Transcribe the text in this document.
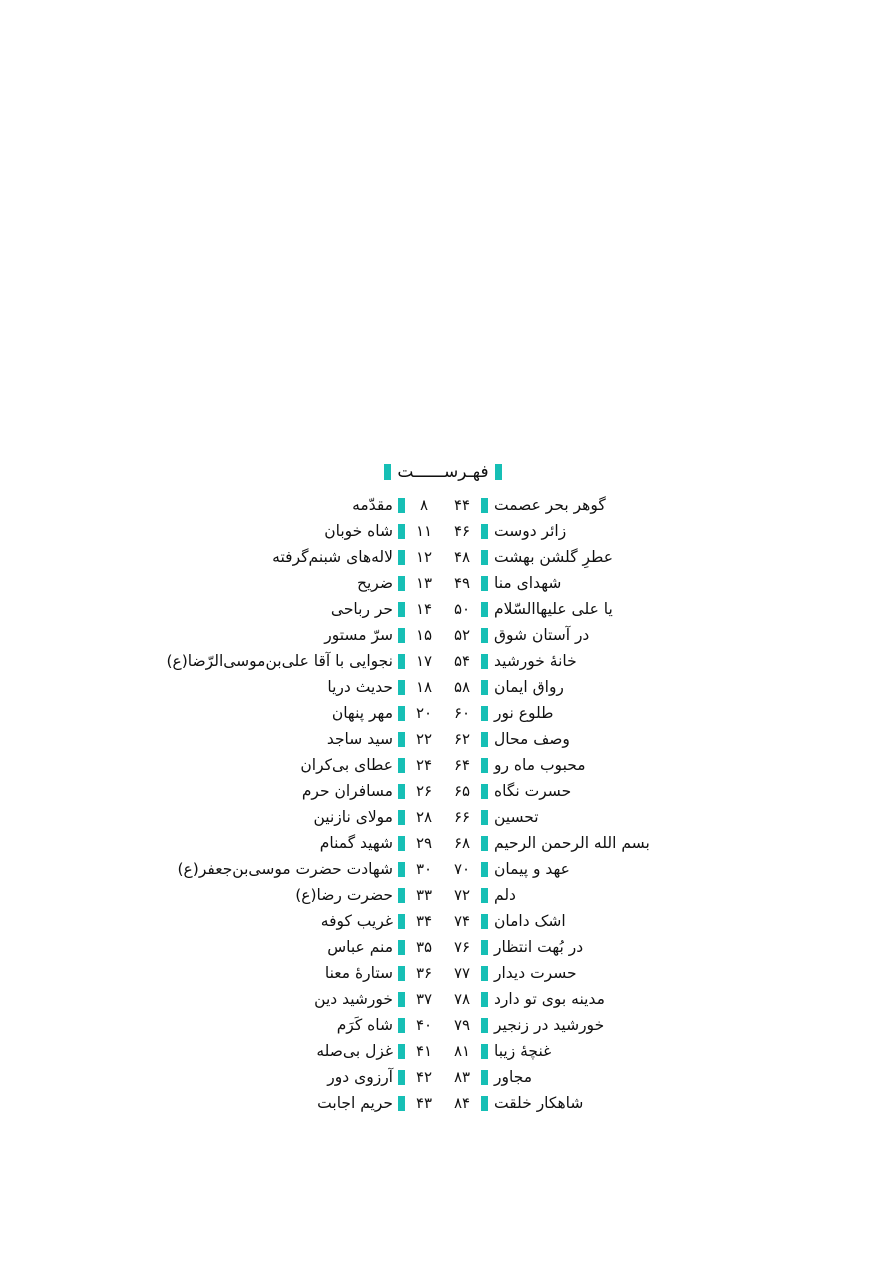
فهـرســــــت
گوهر بحر عصمت
۴۴
زائر دوست
۴۶
عطرِ گلشن بهشت
۴۸
شهدای منا
۴۹
یا علی علیهاالسّلام
۵۰
در آستان شوق
۵۲
خانهٔ خورشید
۵۴
رواق ایمان
۵۸
طلوع نور
۶۰
وصف محال
۶۲
محبوب ماه رو
۶۴
حسرت نگاه
۶۵
تحسین
۶۶
بسم الله الرحمن الرحیم
۶۸
عهد و پیمان
۷۰
دلم
۷۲
اشک دامان
۷۴
در بُهت انتظار
۷۶
حسرت دیدار
۷۷
مدینه بوی تو دارد
۷۸
خورشید در زنجیر
۷۹
غنچهٔ زیبا
۸۱
مجاور
۸۳
شاهکار خلقت
۸۴
۸
مقدّمه
۱۱
شاه خوبان
۱۲
لاله‌های شبنم‌گرفته
۱۳
ضریح
۱۴
حر رباحی
۱۵
سرّ مستور
۱۷
نجوایی با آقا علی‌بن‌موسی‌الرّضا(ع)
۱۸
حدیث دریا
۲۰
مهر پنهان
۲۲
سید ساجد
۲۴
عطای بی‌کران
۲۶
مسافران حرم
۲۸
مولای نازنین
۲۹
شهید گمنام
۳۰
شهادت حضرت موسی‌بن‌جعفر(ع)
۳۳
حضرت رضا(ع)
۳۴
غریب کوفه
۳۵
منم عباس
۳۶
ستارهٔ معنا
۳۷
خورشید دین
۴۰
شاه کَرَم
۴۱
غزل بی‌صله
۴۲
آرزوی دور
۴۳
حریم اجابت
